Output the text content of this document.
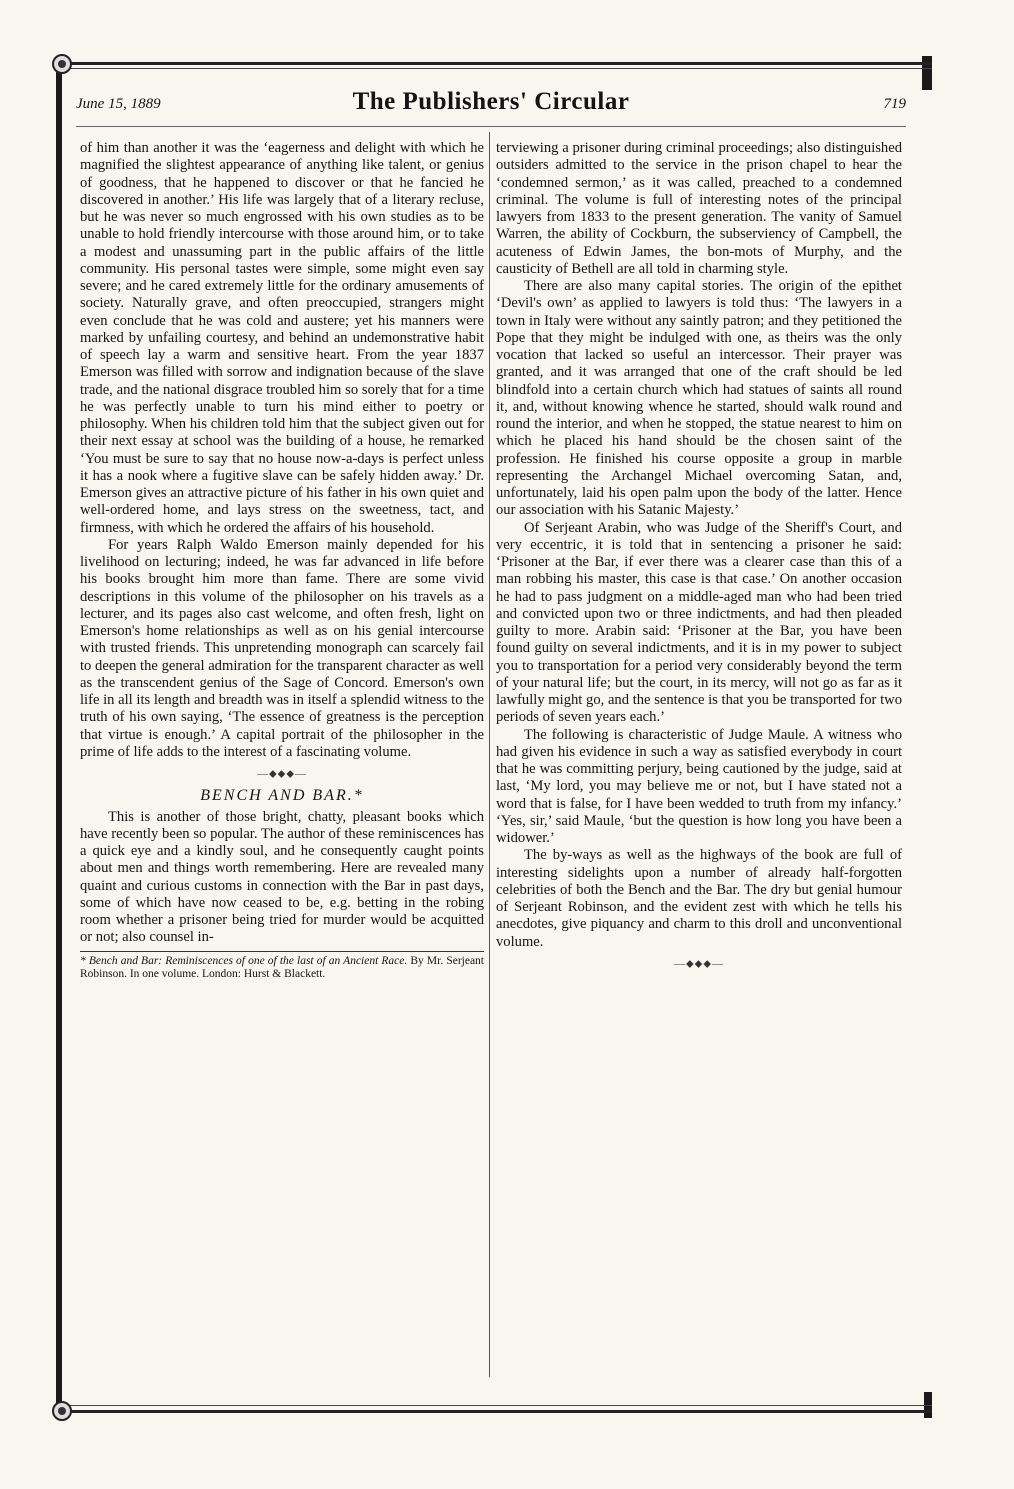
June 15, 1889	The Publishers' Circular	719

of him than another it was the ‘eagerness and delight with which he magnified the slightest appearance of anything like talent, or genius of goodness, that he happened to discover or that he fancied he discovered in another.’ His life was largely that of a literary recluse, but he was never so much engrossed with his own studies as to be unable to hold friendly intercourse with those around him, or to take a modest and unassuming part in the public affairs of the little community. His personal tastes were simple, some might even say severe; and he cared extremely little for the ordinary amusements of society. Naturally grave, and often preoccupied, strangers might even conclude that he was cold and austere; yet his manners were marked by unfailing courtesy, and behind an undemonstrative habit of speech lay a warm and sensitive heart. From the year 1837 Emerson was filled with sorrow and indignation because of the slave trade, and the national disgrace troubled him so sorely that for a time he was perfectly unable to turn his mind either to poetry or philosophy. When his children told him that the subject given out for their next essay at school was the building of a house, he remarked ‘You must be sure to say that no house now-a-days is perfect unless it has a nook where a fugitive slave can be safely hidden away.’ Dr. Emerson gives an attractive picture of his father in his own quiet and well-ordered home, and lays stress on the sweetness, tact, and firmness, with which he ordered the affairs of his household.

For years Ralph Waldo Emerson mainly depended for his livelihood on lecturing; indeed, he was far advanced in life before his books brought him more than fame. There are some vivid descriptions in this volume of the philosopher on his travels as a lecturer, and its pages also cast welcome, and often fresh, light on Emerson's home relationships as well as on his genial intercourse with trusted friends. This unpretending monograph can scarcely fail to deepen the general admiration for the transparent character as well as the transcendent genius of the Sage of Concord. Emerson's own life in all its length and breadth was in itself a splendid witness to the truth of his own saying, ‘The essence of greatness is the perception that virtue is enough.’ A capital portrait of the philosopher in the prime of life adds to the interest of a fascinating volume.

—⬥⬥⬥—
BENCH AND BAR.*

This is another of those bright, chatty, pleasant books which have recently been so popular. The author of these reminiscences has a quick eye and a kindly soul, and he consequently caught points about men and things worth remembering. Here are revealed many quaint and curious customs in connection with the Bar in past days, some of which have now ceased to be, e.g. betting in the robing room whether a prisoner being tried for murder would be acquitted or not; also counsel in-

* Bench and Bar: Reminiscences of one of the last of an Ancient Race. By Mr. Serjeant Robinson. In one volume. London: Hurst & Blackett.

terviewing a prisoner during criminal proceedings; also distinguished outsiders admitted to the service in the prison chapel to hear the ‘condemned sermon,’ as it was called, preached to a condemned criminal. The volume is full of interesting notes of the principal lawyers from 1833 to the present generation. The vanity of Samuel Warren, the ability of Cockburn, the subserviency of Campbell, the acuteness of Edwin James, the bon-mots of Murphy, and the causticity of Bethell are all told in charming style.

There are also many capital stories. The origin of the epithet ‘Devil's own’ as applied to lawyers is told thus: ‘The lawyers in a town in Italy were without any saintly patron; and they petitioned the Pope that they might be indulged with one, as theirs was the only vocation that lacked so useful an intercessor. Their prayer was granted, and it was arranged that one of the craft should be led blindfold into a certain church which had statues of saints all round it, and, without knowing whence he started, should walk round and round the interior, and when he stopped, the statue nearest to him on which he placed his hand should be the chosen saint of the profession. He finished his course opposite a group in marble representing the Archangel Michael overcoming Satan, and, unfortunately, laid his open palm upon the body of the latter. Hence our association with his Satanic Majesty.’

Of Serjeant Arabin, who was Judge of the Sheriff's Court, and very eccentric, it is told that in sentencing a prisoner he said: ‘Prisoner at the Bar, if ever there was a clearer case than this of a man robbing his master, this case is that case.’ On another occasion he had to pass judgment on a middle-aged man who had been tried and convicted upon two or three indictments, and had then pleaded guilty to more. Arabin said: ‘Prisoner at the Bar, you have been found guilty on several indictments, and it is in my power to subject you to transportation for a period very considerably beyond the term of your natural life; but the court, in its mercy, will not go as far as it lawfully might go, and the sentence is that you be transported for two periods of seven years each.’

The following is characteristic of Judge Maule. A witness who had given his evidence in such a way as satisfied everybody in court that he was committing perjury, being cautioned by the judge, said at last, ‘My lord, you may believe me or not, but I have stated not a word that is false, for I have been wedded to truth from my infancy.’ ‘Yes, sir,’ said Maule, ‘but the question is how long you have been a widower.’

The by-ways as well as the highways of the book are full of interesting sidelights upon a number of already half-forgotten celebrities of both the Bench and the Bar. The dry but genial humour of Serjeant Robinson, and the evident zest with which he tells his anecdotes, give piquancy and charm to this droll and unconventional volume.

—⬥⬥⬥—
